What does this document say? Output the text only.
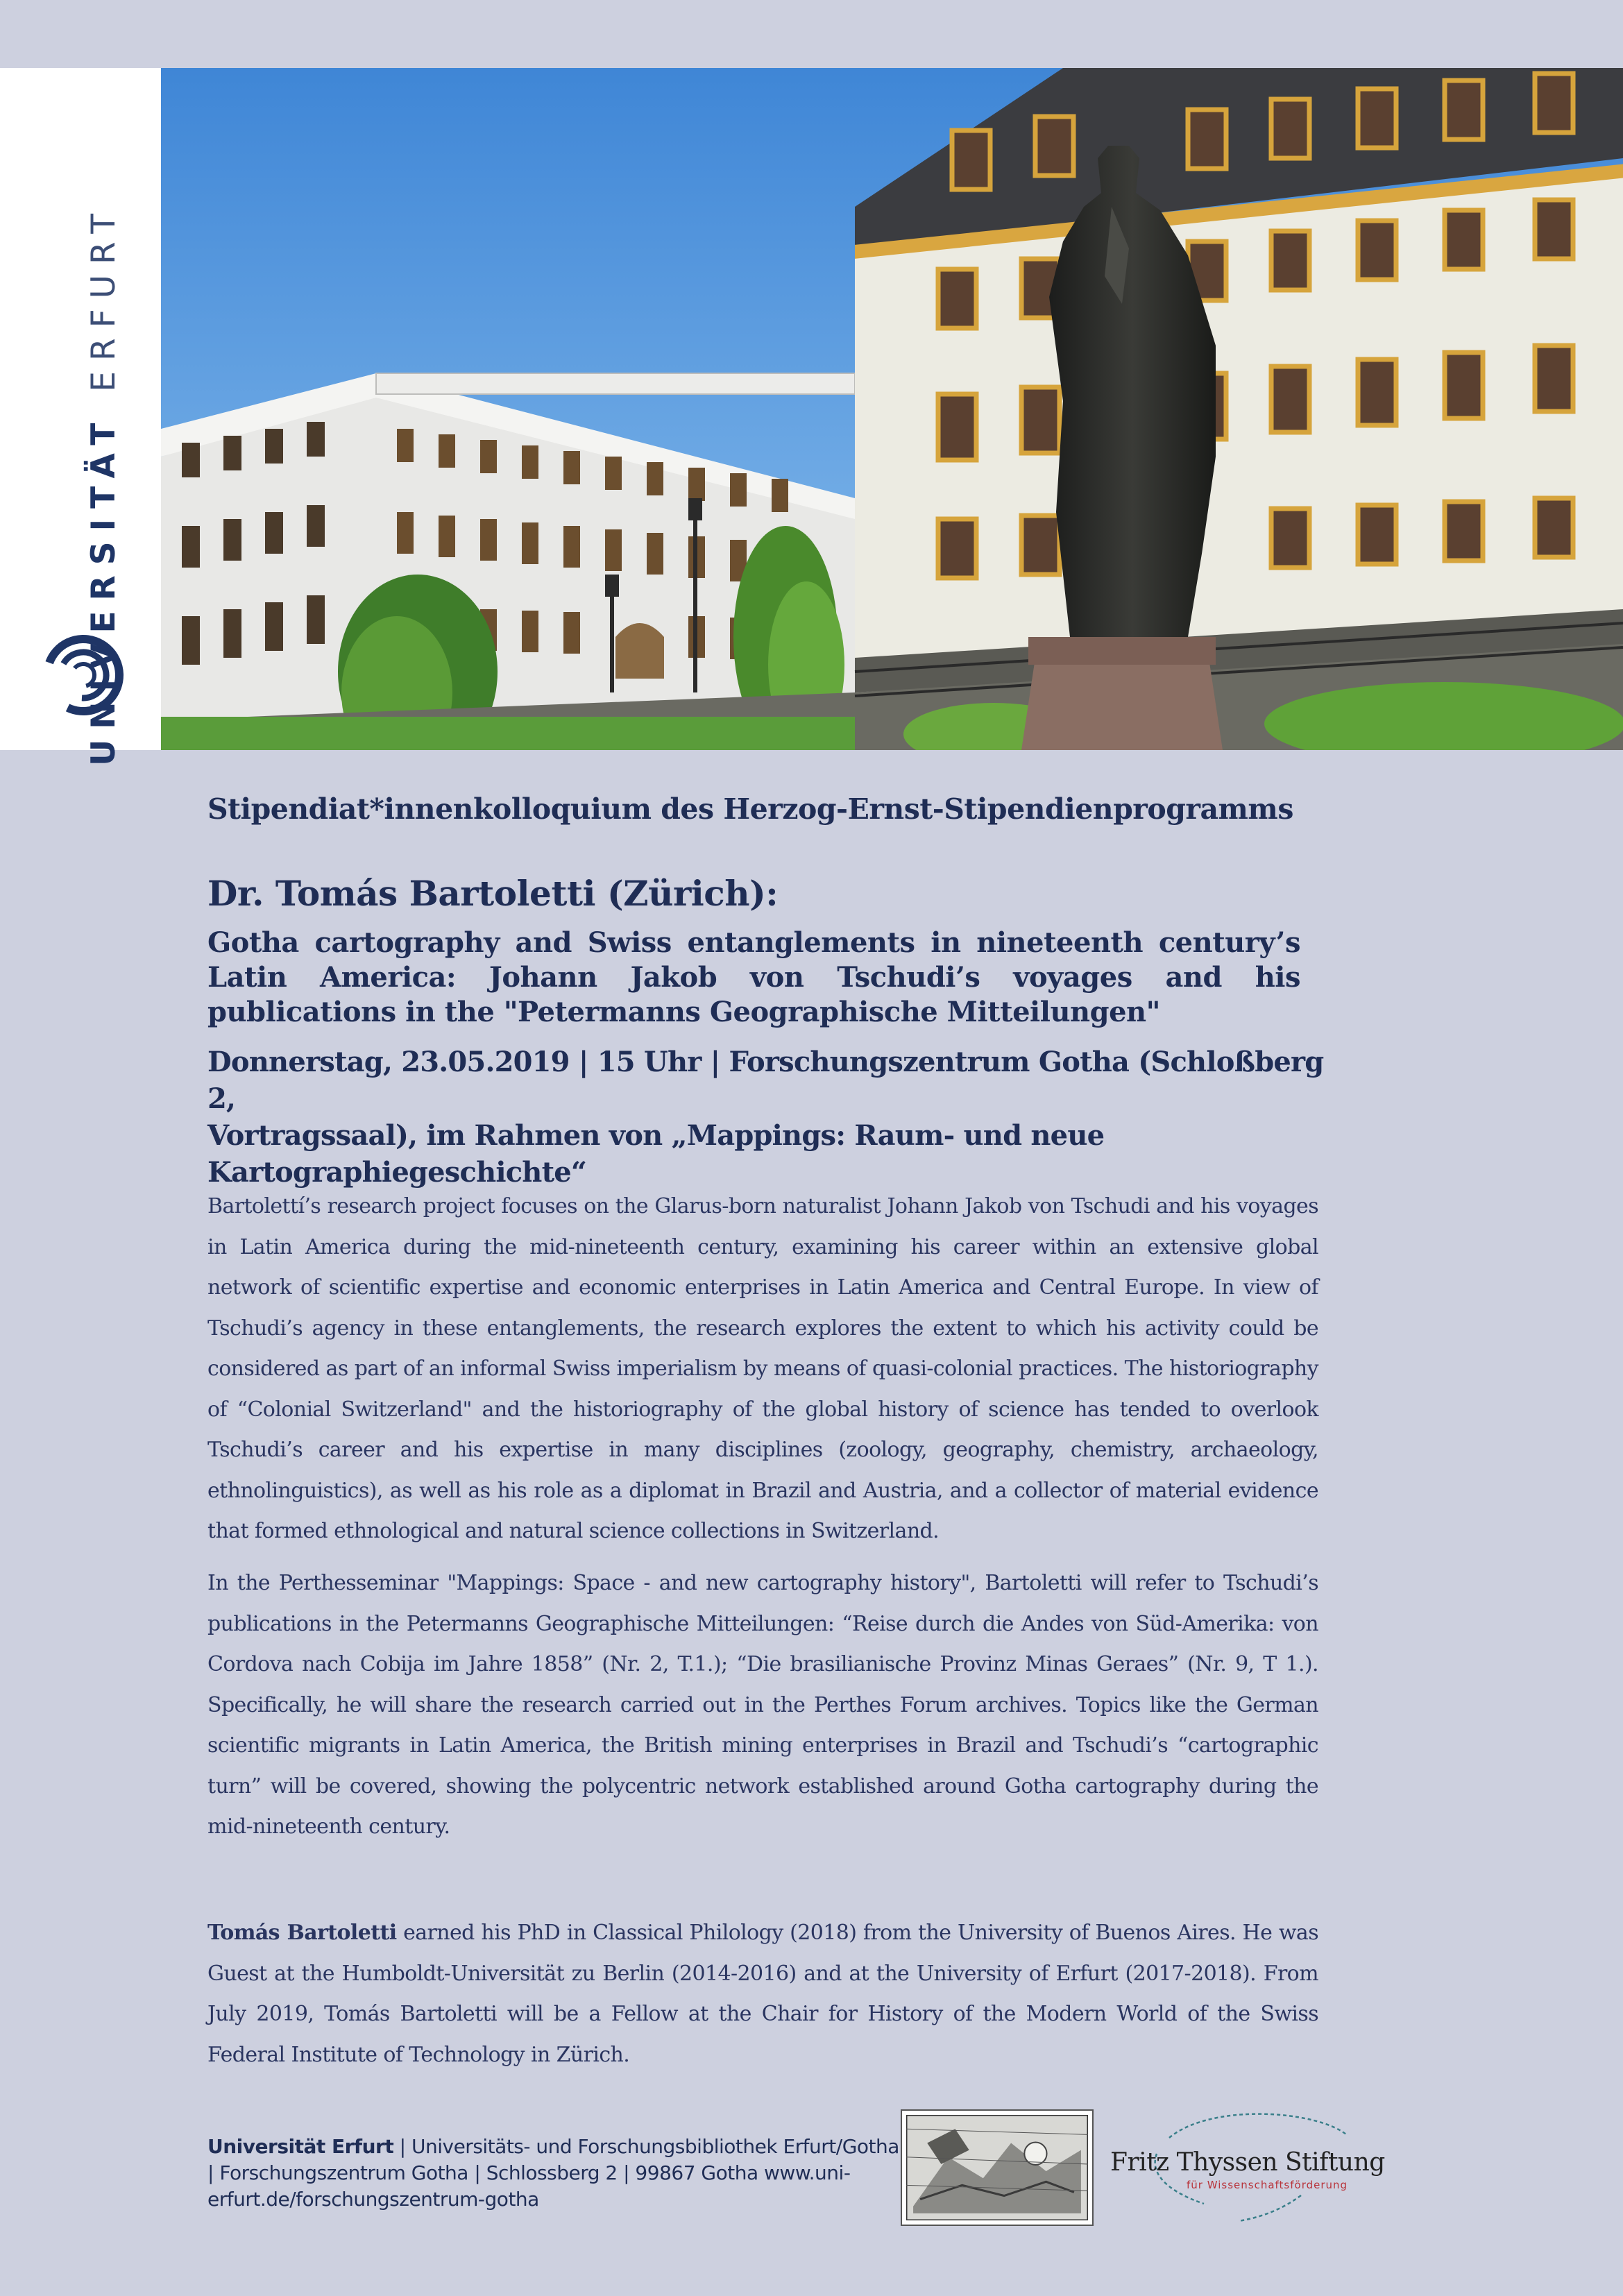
UNIVERSITÄT ERFURT
Stipendiat*innenkolloquium des Herzog-Ernst-Stipendienprogramms
Dr. Tomás Bartoletti (Zürich):
Gotha cartography and Swiss entanglements in nineteenth century’s Latin America: Johann Jakob von Tschudi’s voyages and his publications in the "Petermanns Geographische Mitteilungen"
Donnerstag, 23.05.2019 | 15 Uhr | Forschungszentrum Gotha (Schloßberg 2,
Vortragssaal), im Rahmen von „Mappings: Raum- und neue
Kartographiegeschichte“
Bartolettí’s research project focuses on the Glarus-born naturalist Johann Jakob von Tschudi and his voyages in Latin America during the mid-nineteenth century, examining his career within an extensive global network of scientific expertise and economic enterprises in Latin America and Central Europe. In view of Tschudi’s agency in these entanglements, the research explores the extent to which his activity could be considered as part of an informal Swiss imperialism by means of quasi-colonial practices. The historiography of “Colonial Switzerland" and the historiography of the global history of science has tended to overlook Tschudi’s career and his expertise in many disciplines (zoology, geography, chemistry, archaeology, ethnolinguistics), as well as his role as a diplomat in Brazil and Austria, and a collector of material evidence that formed ethnological and natural science collections in Switzerland.
In the Perthesseminar "Mappings: Space - and new cartography history", Bartoletti will refer to Tschudi’s publications in the Petermanns Geographische Mitteilungen: “Reise durch die Andes von Süd-Amerika: von Cordova nach Cobija im Jahre 1858” (Nr. 2, T.1.); “Die brasilianische Provinz Minas Geraes” (Nr. 9, T 1.). Specifically, he will share the research carried out in the Perthes Forum archives. Topics like the German scientific migrants in Latin America, the British mining enterprises in Brazil and Tschudi’s “cartographic turn” will be covered, showing the polycentric network established around Gotha cartography during the mid-nineteenth century.
Tomás Bartoletti earned his PhD in Classical Philology (2018) from the University of Buenos Aires. He was Guest at the Humboldt-Universität zu Berlin (2014-2016) and at the University of Erfurt (2017-2018). From July 2019, Tomás Bartoletti will be a Fellow at the Chair for History of the Modern World of the Swiss Federal Institute of Technology in Zürich.
Universität Erfurt | Universitäts- und Forschungsbibliothek Erfurt/Gotha | Forschungszentrum Gotha | Schlossberg 2 | 99867 Gotha www.uni-erfurt.de/forschungszentrum-gotha
Fritz Thyssen Stiftung
für Wissenschaftsförderung
